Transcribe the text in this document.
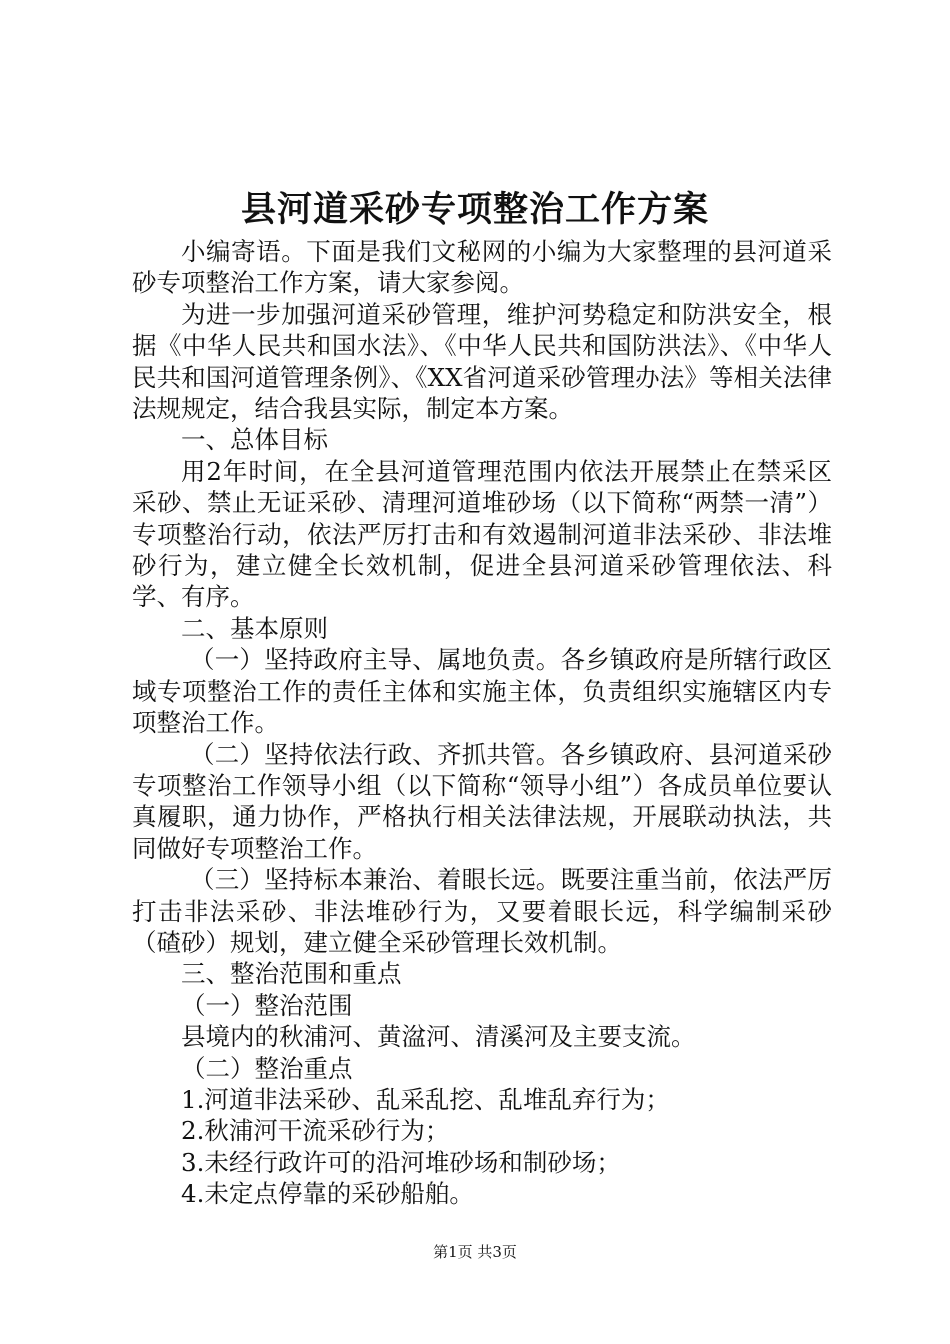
县河道采砂专项整治工作方案

小编寄语。下面是我们文秘网的小编为大家整理的县河道采砂专项整治工作方案，请大家参阅。

为进一步加强河道采砂管理，维护河势稳定和防洪安全，根据《中华人民共和国水法》、《中华人民共和国防洪法》、《中华人民共和国河道管理条例》、《XX省河道采砂管理办法》等相关法律法规规定，结合我县实际，制定本方案。

一、总体目标

用2年时间，在全县河道管理范围内依法开展禁止在禁采区采砂、禁止无证采砂、清理河道堆砂场（以下简称“两禁一清”）专项整治行动，依法严厉打击和有效遏制河道非法采砂、非法堆砂行为，建立健全长效机制，促进全县河道采砂管理依法、科学、有序。

二、基本原则

（一）坚持政府主导、属地负责。各乡镇政府是所辖行政区域专项整治工作的责任主体和实施主体，负责组织实施辖区内专项整治工作。

（二）坚持依法行政、齐抓共管。各乡镇政府、县河道采砂专项整治工作领导小组（以下简称“领导小组”）各成员单位要认真履职，通力协作，严格执行相关法律法规，开展联动执法，共同做好专项整治工作。

（三）坚持标本兼治、着眼长远。既要注重当前，依法严厉打击非法采砂、非法堆砂行为，又要着眼长远，科学编制采砂（碴砂）规划，建立健全采砂管理长效机制。

三、整治范围和重点

（一）整治范围

县境内的秋浦河、黄湓河、清溪河及主要支流。

（二）整治重点

1.河道非法采砂、乱采乱挖、乱堆乱弃行为；

2.秋浦河干流采砂行为；

3.未经行政许可的沿河堆砂场和制砂场；

4.未定点停靠的采砂船舶。

第1页 共3页
